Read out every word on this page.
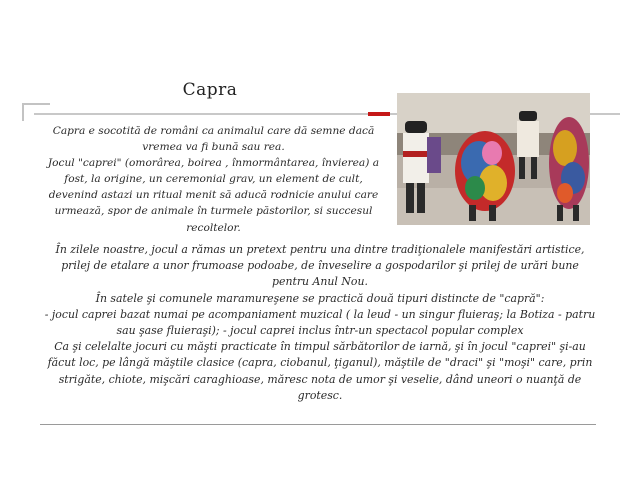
Capra

Capra e socotită de români ca animalul care dă semne dacă vremea va fi bună sau rea.

Jocul "caprei" (omorârea, boirea , înmormântarea, învierea) a fost, la origine, un ceremonial grav, un element de cult, devenind astazi un ritual menit să aducă rodnicie anului care urmează, spor de animale în turmele păstorilor, si succesul recoltelor.

În zilele noastre, jocul a rămas un pretext pentru una dintre tradiţionalele manifestări artistice, prilej de etalare a unor frumoase podoabe, de înveselire a gospodarilor şi prilej de urări bune pentru Anul Nou.

În satele şi comunele maramureşene se practică două tipuri distincte de "capră":

- jocul caprei bazat numai pe acompaniament muzical ( la leud - un singur fluieraş; la Botiza - patru sau şase fluieraşi); - jocul caprei inclus într-un spectacol popular complex

Ca şi celelalte jocuri cu măşti practicate în timpul sărbătorilor de iarnă, şi în jocul "caprei" şi-au făcut loc, pe lângă măştile clasice (capra, ciobanul, ţiganul), măştile de "draci" şi "moşi" care, prin strigăte, chiote, mişcări caraghioase, măresc nota de umor şi veselie, dând uneori o nuanţă de grotesc.
